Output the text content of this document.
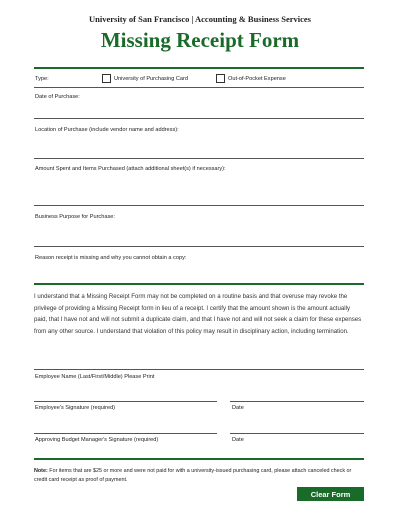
University of San Francisco | Accounting & Business Services
Missing Receipt Form
Type:	University of Purchasing Card	Out-of-Pocket Expense
Date of Purchase:
Location of Purchase (include vendor name and address):
Amount Spent and Items Purchased (attach additional sheet(s) if necessary):
Business Purpose for Purchase:
Reason receipt is missing and why you cannot obtain a copy:
I understand that a Missing Receipt Form may not be completed on a routine basis and that overuse may revoke the privilege of providing a Missing Receipt form in lieu of a receipt. I certify that the amount shown is the amount actually paid, that I have not and will not submit a duplicate claim, and that I have not and will not seek a claim for these expenses from any other source. I understand that violation of this policy may result in disciplinary action, including termination.
Employee Name (Last/First/Middle) Please Print
Employee's Signature (required)	Date
Approving Budget Manager's Signature (required)	Date
Note: For items that are $25 or more and were not paid for with a university-issued purchasing card, please attach canceled check or credit card receipt as proof of payment.
Clear Form
